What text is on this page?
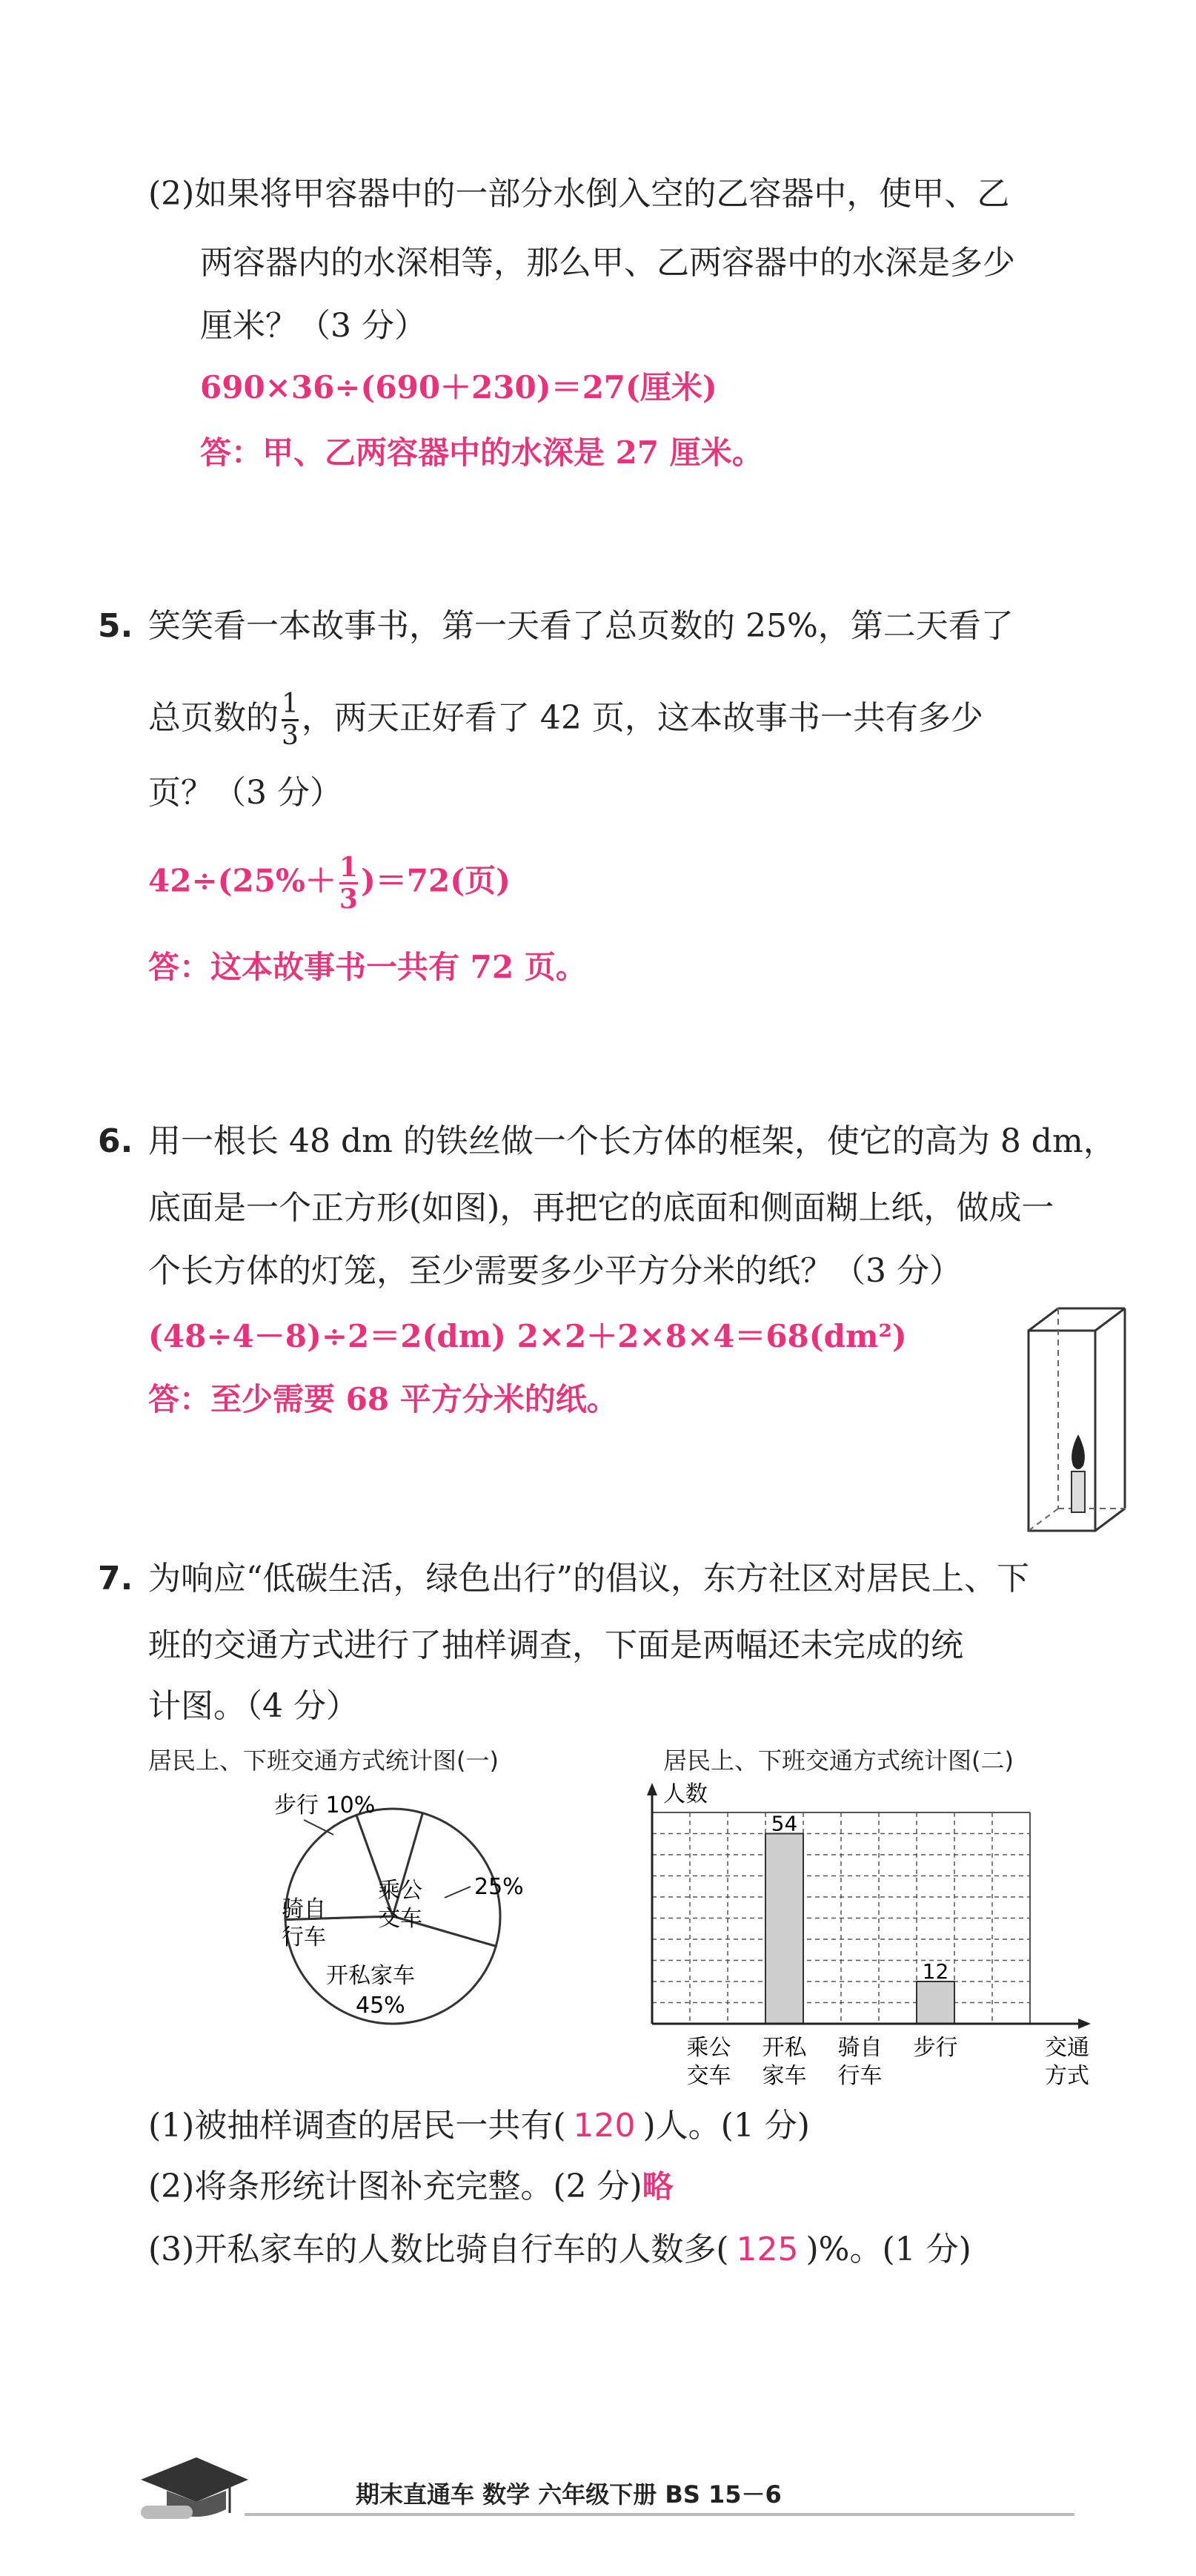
(2)如果将甲容器中的一部分水倒入空的乙容器中，使甲、乙
两容器内的水深相等，那么甲、乙两容器中的水深是多少
厘米？（3 分）
690×36÷(690＋230)＝27(厘米)
答：甲、乙两容器中的水深是 27 厘米。
5. 笑笑看一本故事书，第一天看了总页数的 25%，第二天看了
总页数的 $\frac{1}{3}$ ，两天正好看了 42 页，这本故事书一共有多少
页？（3 分）
$42\div(25\%+ \frac{1}{3} )=72$(页)
答：这本故事书一共有 72 页。
6. 用一根长 48 dm 的铁丝做一个长方体的框架，使它的高为 8 dm，
底面是一个正方形(如图)，再把它的底面和侧面糊上纸，做成一
个长方体的灯笼，至少需要多少平方分米的纸？（3 分）
(48÷4－8)÷2＝2(dm) 2×2＋2×8×4＝68(dm²)
答：至少需要 68 平方分米的纸。
7. 为响应“低碳生活，绿色出行”的倡议，东方社区对居民上、下
班的交通方式进行了抽样调查，下面是两幅还未完成的统
计图。（4 分）
居民上、下班交通方式统计图(一)
步行 10%
乘公
交车
25%
骑自
行车
开私家车
45%
居民上、下班交通方式统计图(二)
54
12
人数
乘公
交车
开私
家车
骑自
行车
步行	交通
方式
(1)被抽样调查的居民一共有( 120 )人。(1 分)
(2)将条形统计图补充完整。(2 分)略
(3)开私家车的人数比骑自行车的人数多( 125 )%。(1 分)
期末直通车 数学 六年级下册 BS 15－6
